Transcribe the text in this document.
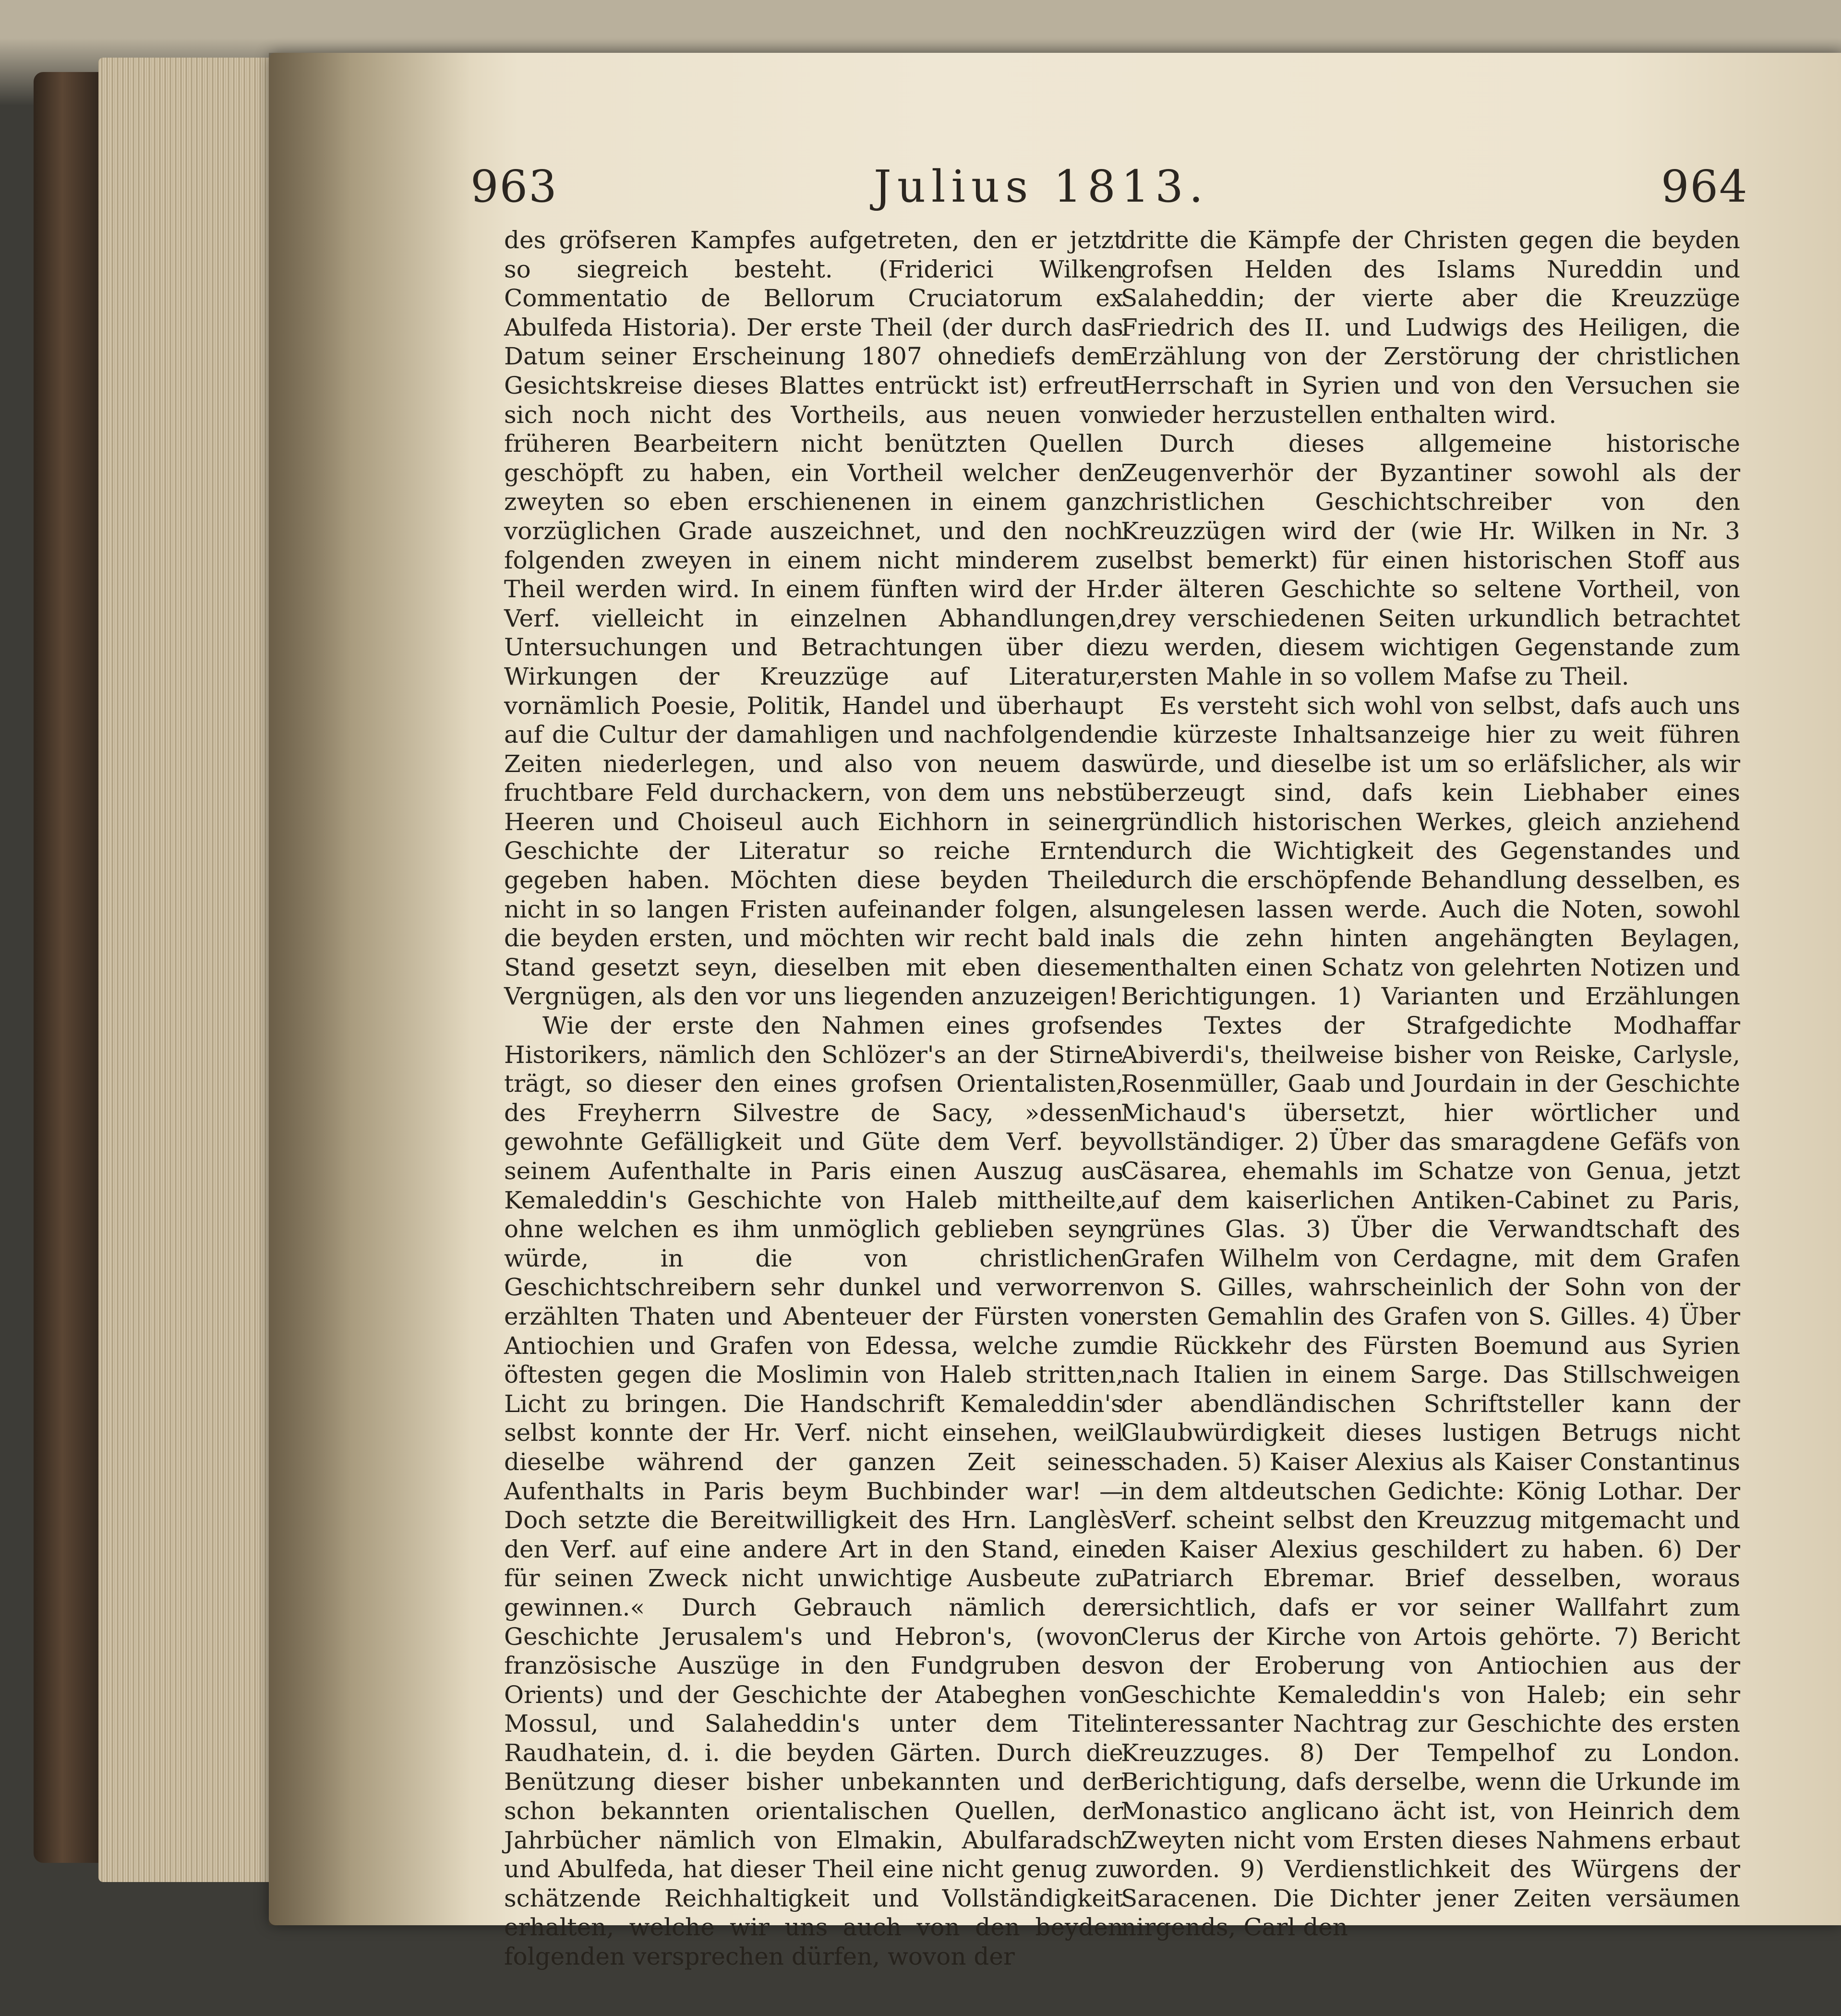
963	Julius 1813.	964

des gröfseren Kampfes aufgetreten, den er jetzt so siegreich besteht. (Friderici Wilken Commentatio de Bellorum Cruciatorum ex Abulfeda Historia). Der erste Theil (der durch das Datum seiner Erscheinung 1807 ohnediefs dem Gesichtskreise dieses Blattes entrückt ist) erfreut sich noch nicht des Vortheils, aus neuen von früheren Bearbeitern nicht benützten Quellen geschöpft zu haben, ein Vortheil welcher den zweyten so eben erschienenen in einem ganz vorzüglichen Grade auszeichnet, und den noch folgenden zweyen in einem nicht minderem zu Theil werden wird. In einem fünften wird der Hr. Verf. vielleicht in einzelnen Abhandlungen, Untersuchungen und Betrachtungen über die Wirkungen der Kreuzzüge auf Literatur, vornämlich Poesie, Politik, Handel und überhaupt auf die Cultur der damahligen und nachfolgenden Zeiten niederlegen, und also von neuem das fruchtbare Feld durchackern, von dem uns nebst Heeren und Choiseul auch Eichhorn in seiner Geschichte der Literatur so reiche Ernten gegeben haben. Möchten diese beyden Theile nicht in so langen Fristen aufeinander folgen, als die beyden ersten, und möchten wir recht bald in Stand gesetzt seyn, dieselben mit eben diesem Vergnügen, als den vor uns liegenden anzuzeigen!

Wie der erste den Nahmen eines grofsen Historikers, nämlich den Schlözer's an der Stirne trägt, so dieser den eines grofsen Orientalisten, des Freyherrn Silvestre de Sacy, »dessen gewohnte Gefälligkeit und Güte dem Verf. bey seinem Aufenthalte in Paris einen Auszug aus Kemaleddin's Geschichte von Haleb mittheilte, ohne welchen es ihm unmöglich geblieben seyn würde, in die von christlichen Geschichtschreibern sehr dunkel und verworren erzählten Thaten und Abenteuer der Fürsten von Antiochien und Grafen von Edessa, welche zum öftesten gegen die Moslimin von Haleb stritten, Licht zu bringen. Die Handschrift Kemaleddin's selbst konnte der Hr. Verf. nicht einsehen, weil dieselbe während der ganzen Zeit seines Aufenthalts in Paris beym Buchbinder war! — Doch setzte die Bereitwilligkeit des Hrn. Langlès den Verf. auf eine andere Art in den Stand, eine für seinen Zweck nicht unwichtige Ausbeute zu gewinnen.« Durch Gebrauch nämlich der Geschichte Jerusalem's und Hebron's, (wovon französische Auszüge in den Fundgruben des Orients) und der Geschichte der Atabeghen von Mossul, und Salaheddin's unter dem Titel Raudhatein, d. i. die beyden Gärten. Durch die Benützung dieser bisher unbekannten und der schon bekannten orientalischen Quellen, der Jahrbücher nämlich von Elmakin, Abulfaradsch und Abulfeda, hat dieser Theil eine nicht genug zu schätzende Reichhaltigkeit und Vollständigkeit erhalten, welche wir uns auch von den beyden folgenden versprechen dürfen, wovon der

dritte die Kämpfe der Christen gegen die beyden grofsen Helden des Islams Nureddin und Salaheddin; der vierte aber die Kreuzzüge Friedrich des II. und Ludwigs des Heiligen, die Erzählung von der Zerstörung der christlichen Herrschaft in Syrien und von den Versuchen sie wieder herzustellen enthalten wird.

Durch dieses allgemeine historische Zeugenverhör der Byzantiner sowohl als der christlichen Geschichtschreiber von den Kreuzzügen wird der (wie Hr. Wilken in Nr. 3 selbst bemerkt) für einen historischen Stoff aus der älteren Geschichte so seltene Vortheil, von drey verschiedenen Seiten urkundlich betrachtet zu werden, diesem wichtigen Gegenstande zum ersten Mahle in so vollem Mafse zu Theil.

Es versteht sich wohl von selbst, dafs auch uns die kürzeste Inhaltsanzeige hier zu weit führen würde, und dieselbe ist um so erläfslicher, als wir überzeugt sind, dafs kein Liebhaber eines gründlich historischen Werkes, gleich anziehend durch die Wichtigkeit des Gegenstandes und durch die erschöpfende Behandlung desselben, es ungelesen lassen werde. Auch die Noten, sowohl als die zehn hinten angehängten Beylagen, enthalten einen Schatz von gelehrten Notizen und Berichtigungen. 1) Varianten und Erzählungen des Textes der Strafgedichte Modhaffar Abiverdi's, theilweise bisher von Reiske, Carlysle, Rosenmüller, Gaab und Jourdain in der Geschichte Michaud's übersetzt, hier wörtlicher und vollständiger. 2) Über das smaragdene Gefäfs von Cäsarea, ehemahls im Schatze von Genua, jetzt auf dem kaiserlichen Antiken-Cabinet zu Paris, grünes Glas. 3) Über die Verwandtschaft des Grafen Wilhelm von Cerdagne, mit dem Grafen von S. Gilles, wahrscheinlich der Sohn von der ersten Gemahlin des Grafen von S. Gilles. 4) Über die Rückkehr des Fürsten Boemund aus Syrien nach Italien in einem Sarge. Das Stillschweigen der abendländischen Schriftsteller kann der Glaubwürdigkeit dieses lustigen Betrugs nicht schaden. 5) Kaiser Alexius als Kaiser Constantinus in dem altdeutschen Gedichte: König Lothar. Der Verf. scheint selbst den Kreuzzug mitgemacht und den Kaiser Alexius geschildert zu haben. 6) Der Patriarch Ebremar. Brief desselben, woraus ersichtlich, dafs er vor seiner Wallfahrt zum Clerus der Kirche von Artois gehörte. 7) Bericht von der Eroberung von Antiochien aus der Geschichte Kemaleddin's von Haleb; ein sehr interessanter Nachtrag zur Geschichte des ersten Kreuzzuges. 8) Der Tempelhof zu London. Berichtigung, dafs derselbe, wenn die Urkunde im Monastico anglicano ächt ist, von Heinrich dem Zweyten nicht vom Ersten dieses Nahmens erbaut worden. 9) Verdienstlichkeit des Würgens der Saracenen. Die Dichter jener Zeiten versäumen nirgends, Carl den
